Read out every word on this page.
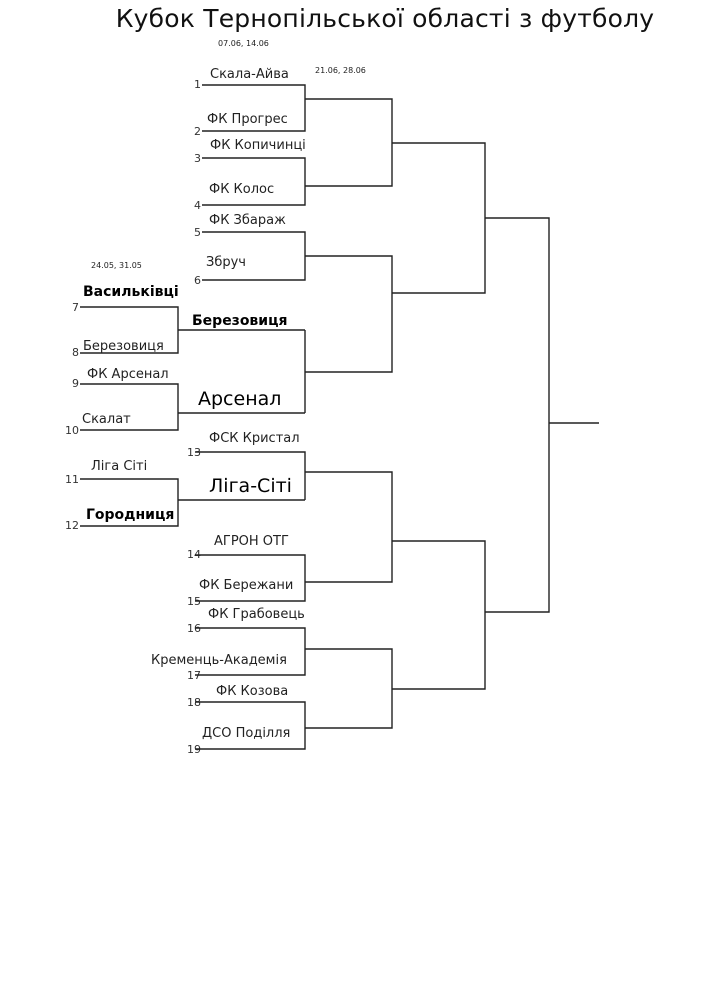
Кубок Тернопільської області з футболу
07.06, 14.06
21.06, 28.06
24.05, 31.05
1
2
3
4
5
6
7
8
9
10
11
12
13
14
15
16
17
18
19
Скала-Айва
ФК Прогрес
ФК Копичинці
ФК Колос
ФК Збараж
Збруч
Васильківці
Березовиця
ФК Арсенал
Скалат
Ліга Сіті
Городниця
ФСК Кристал
АГРОН ОТГ
ФК Бережани
ФК Грабовець
Кременць-Академія
ФК Козова
ДСО Поділля
Березовиця
Арсенал
Ліга-Сіті
